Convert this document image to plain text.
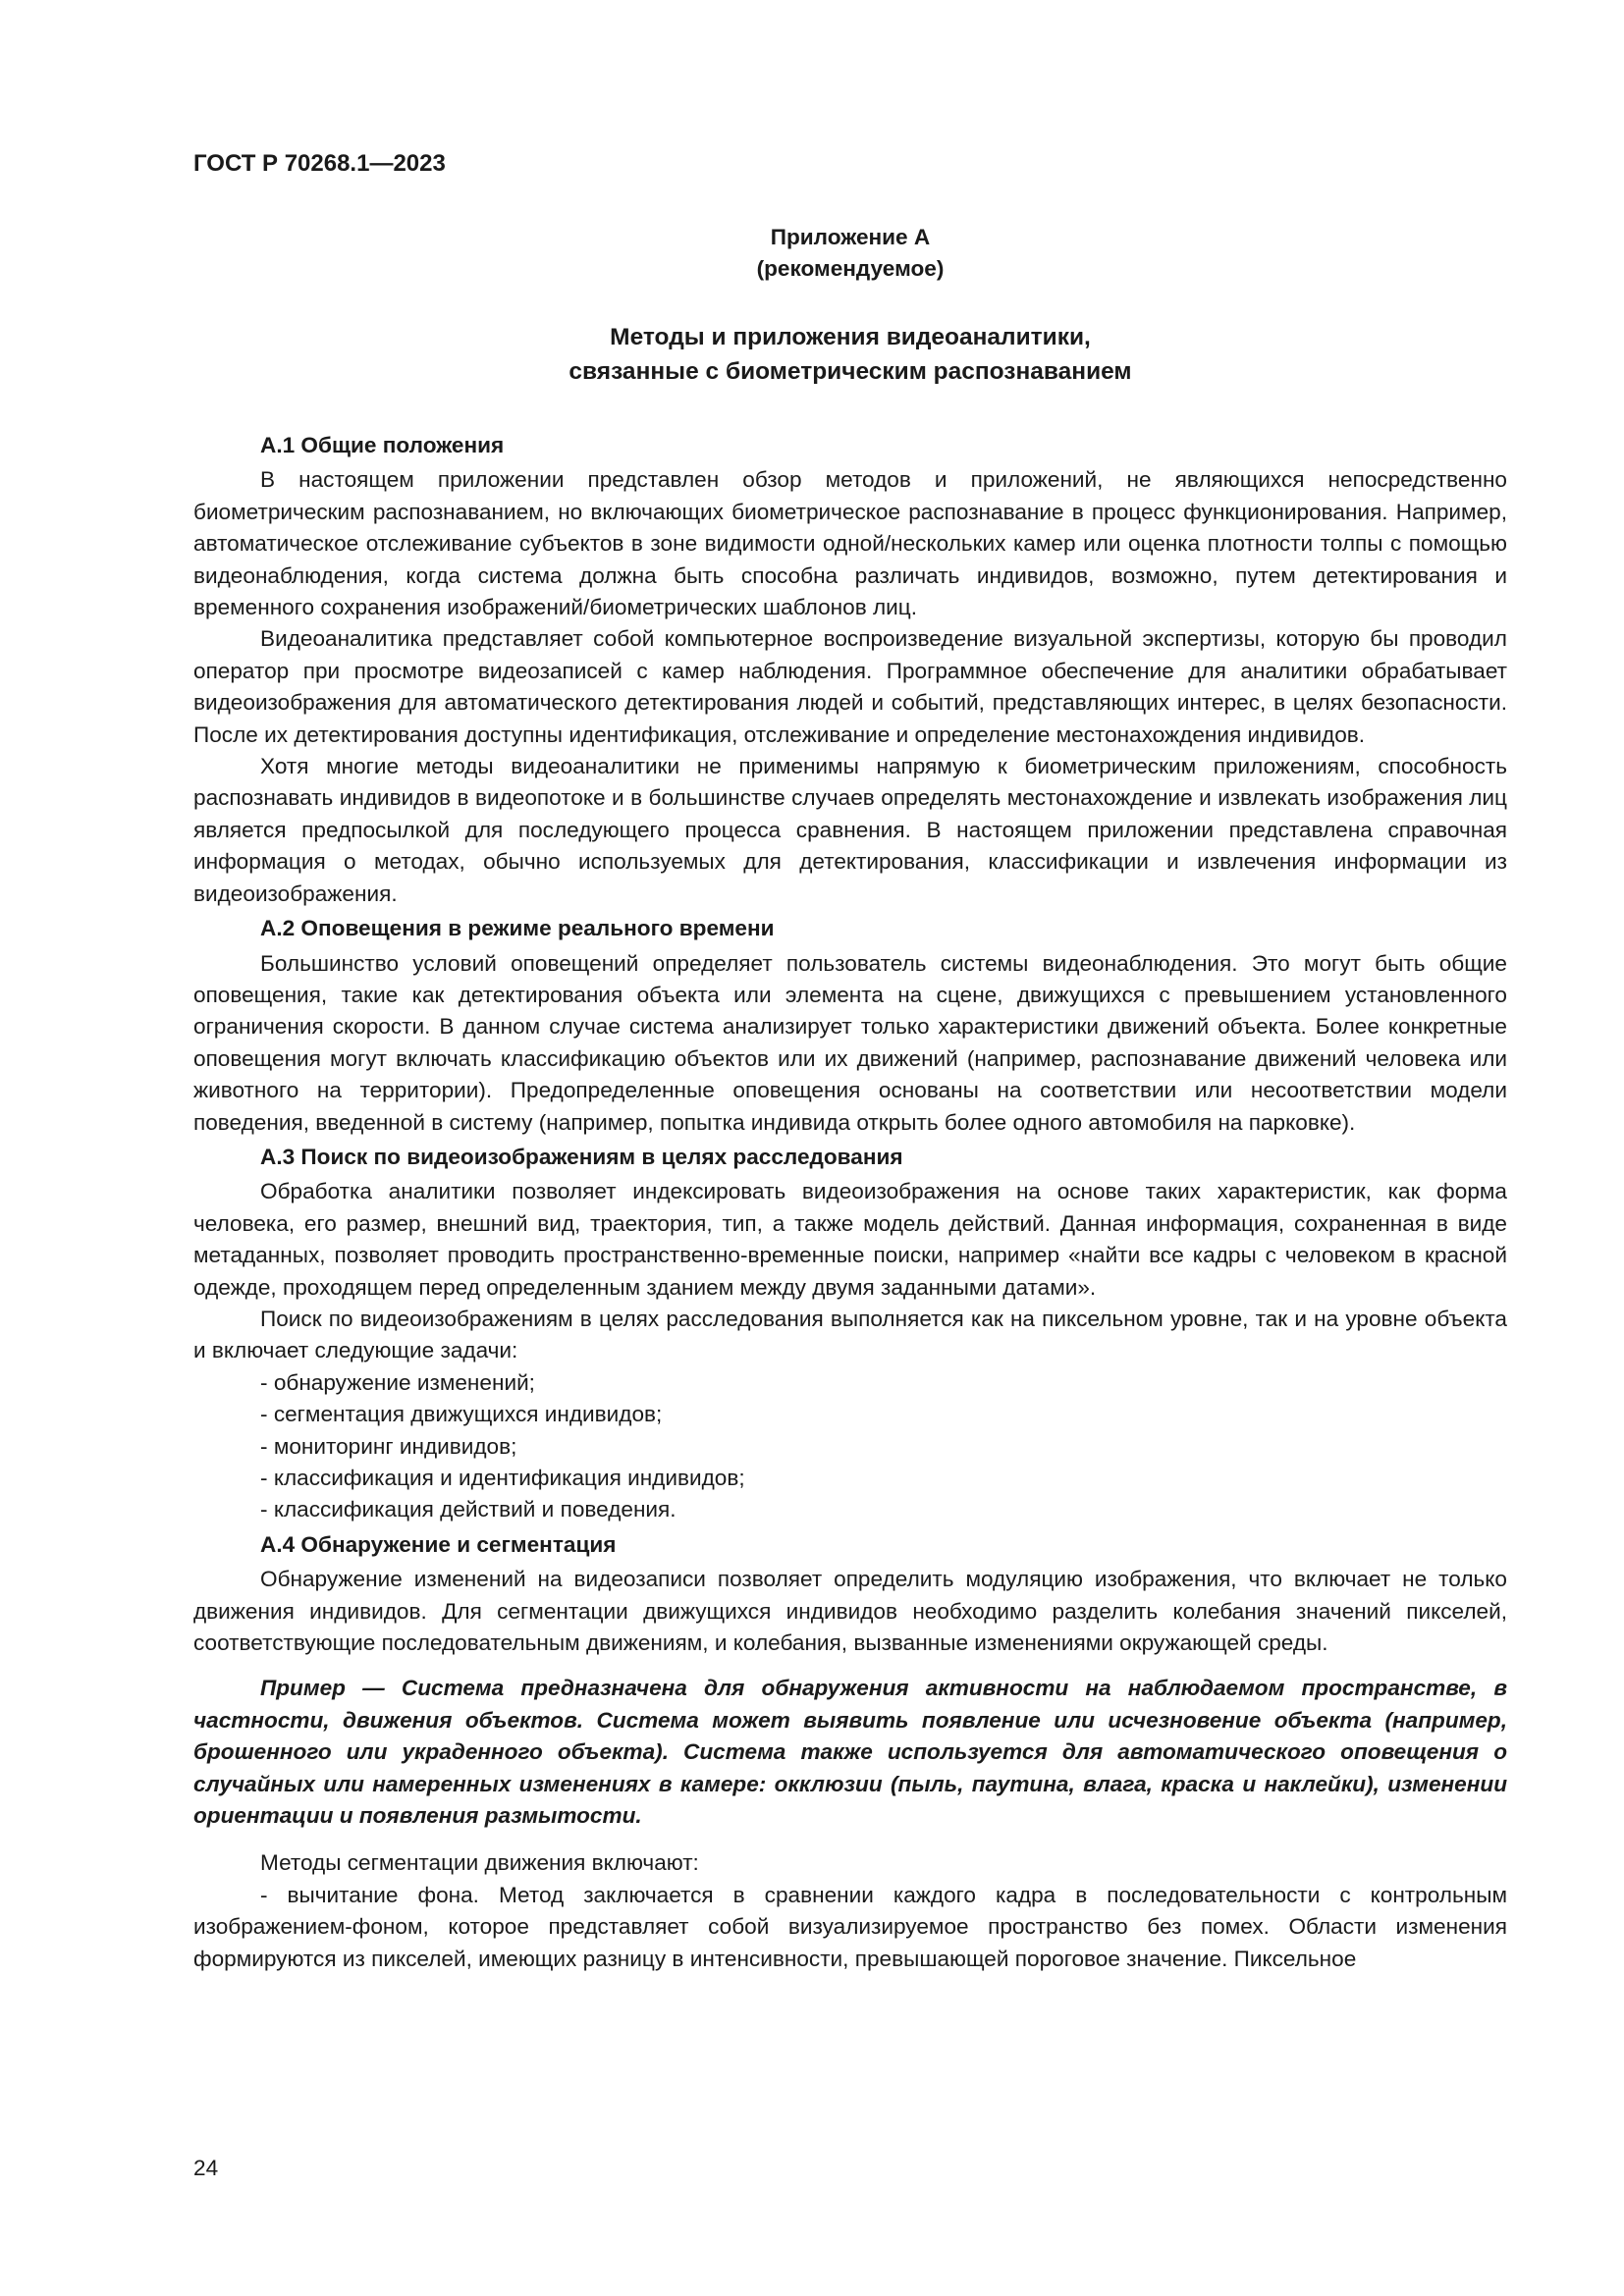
ГОСТ Р 70268.1—2023
Приложение А
(рекомендуемое)
Методы и приложения видеоаналитики,
связанные с биометрическим распознаванием
А.1 Общие положения

В настоящем приложении представлен обзор методов и приложений, не являющихся непосредственно биометрическим распознаванием, но включающих биометрическое распознавание в процесс функционирования. Например, автоматическое отслеживание субъектов в зоне видимости одной/нескольких камер или оценка плотности толпы с помощью видеонаблюдения, когда система должна быть способна различать индивидов, возможно, путем детектирования и временного сохранения изображений/биометрических шаблонов лиц.

Видеоаналитика представляет собой компьютерное воспроизведение визуальной экспертизы, которую бы проводил оператор при просмотре видеозаписей с камер наблюдения. Программное обеспечение для аналитики обрабатывает видеоизображения для автоматического детектирования людей и событий, представляющих интерес, в целях безопасности. После их детектирования доступны идентификация, отслеживание и определение местонахождения индивидов.

Хотя многие методы видеоаналитики не применимы напрямую к биометрическим приложениям, способность распознавать индивидов в видеопотоке и в большинстве случаев определять местонахождение и извлекать изображения лиц является предпосылкой для последующего процесса сравнения. В настоящем приложении представлена справочная информация о методах, обычно используемых для детектирования, классификации и извлечения информации из видеоизображения.

А.2 Оповещения в режиме реального времени

Большинство условий оповещений определяет пользователь системы видеонаблюдения. Это могут быть общие оповещения, такие как детектирования объекта или элемента на сцене, движущихся с превышением установленного ограничения скорости. В данном случае система анализирует только характеристики движений объекта. Более конкретные оповещения могут включать классификацию объектов или их движений (например, распознавание движений человека или животного на территории). Предопределенные оповещения основаны на соответствии или несоответствии модели поведения, введенной в систему (например, попытка индивида открыть более одного автомобиля на парковке).

А.3 Поиск по видеоизображениям в целях расследования

Обработка аналитики позволяет индексировать видеоизображения на основе таких характеристик, как форма человека, его размер, внешний вид, траектория, тип, а также модель действий. Данная информация, сохраненная в виде метаданных, позволяет проводить пространственно-временные поиски, например «найти все кадры с человеком в красной одежде, проходящем перед определенным зданием между двумя заданными датами».

Поиск по видеоизображениям в целях расследования выполняется как на пиксельном уровне, так и на уровне объекта и включает следующие задачи:

- обнаружение изменений;
- сегментация движущихся индивидов;
- мониторинг индивидов;
- классификация и идентификация индивидов;
- классификация действий и поведения.
А.4 Обнаружение и сегментация

Обнаружение изменений на видеозаписи позволяет определить модуляцию изображения, что включает не только движения индивидов. Для сегментации движущихся индивидов необходимо разделить колебания значений пикселей, соответствующие последовательным движениям, и колебания, вызванные изменениями окружающей среды.

Пример — Система предназначена для обнаружения активности на наблюдаемом пространстве, в частности, движения объектов. Система может выявить появление или исчезновение объекта (например, брошенного или украденного объекта). Система также используется для автоматического оповещения о случайных или намеренных изменениях в камере: окклюзии (пыль, паутина, влага, краска и наклейки), изменении ориентации и появления размытости.

Методы сегментации движения включают:

- вычитание фона. Метод заключается в сравнении каждого кадра в последовательности с контрольным изображением-фоном, которое представляет собой визуализируемое пространство без помех. Области изменения формируются из пикселей, имеющих разницу в интенсивности, превышающей пороговое значение. Пиксельное

24
